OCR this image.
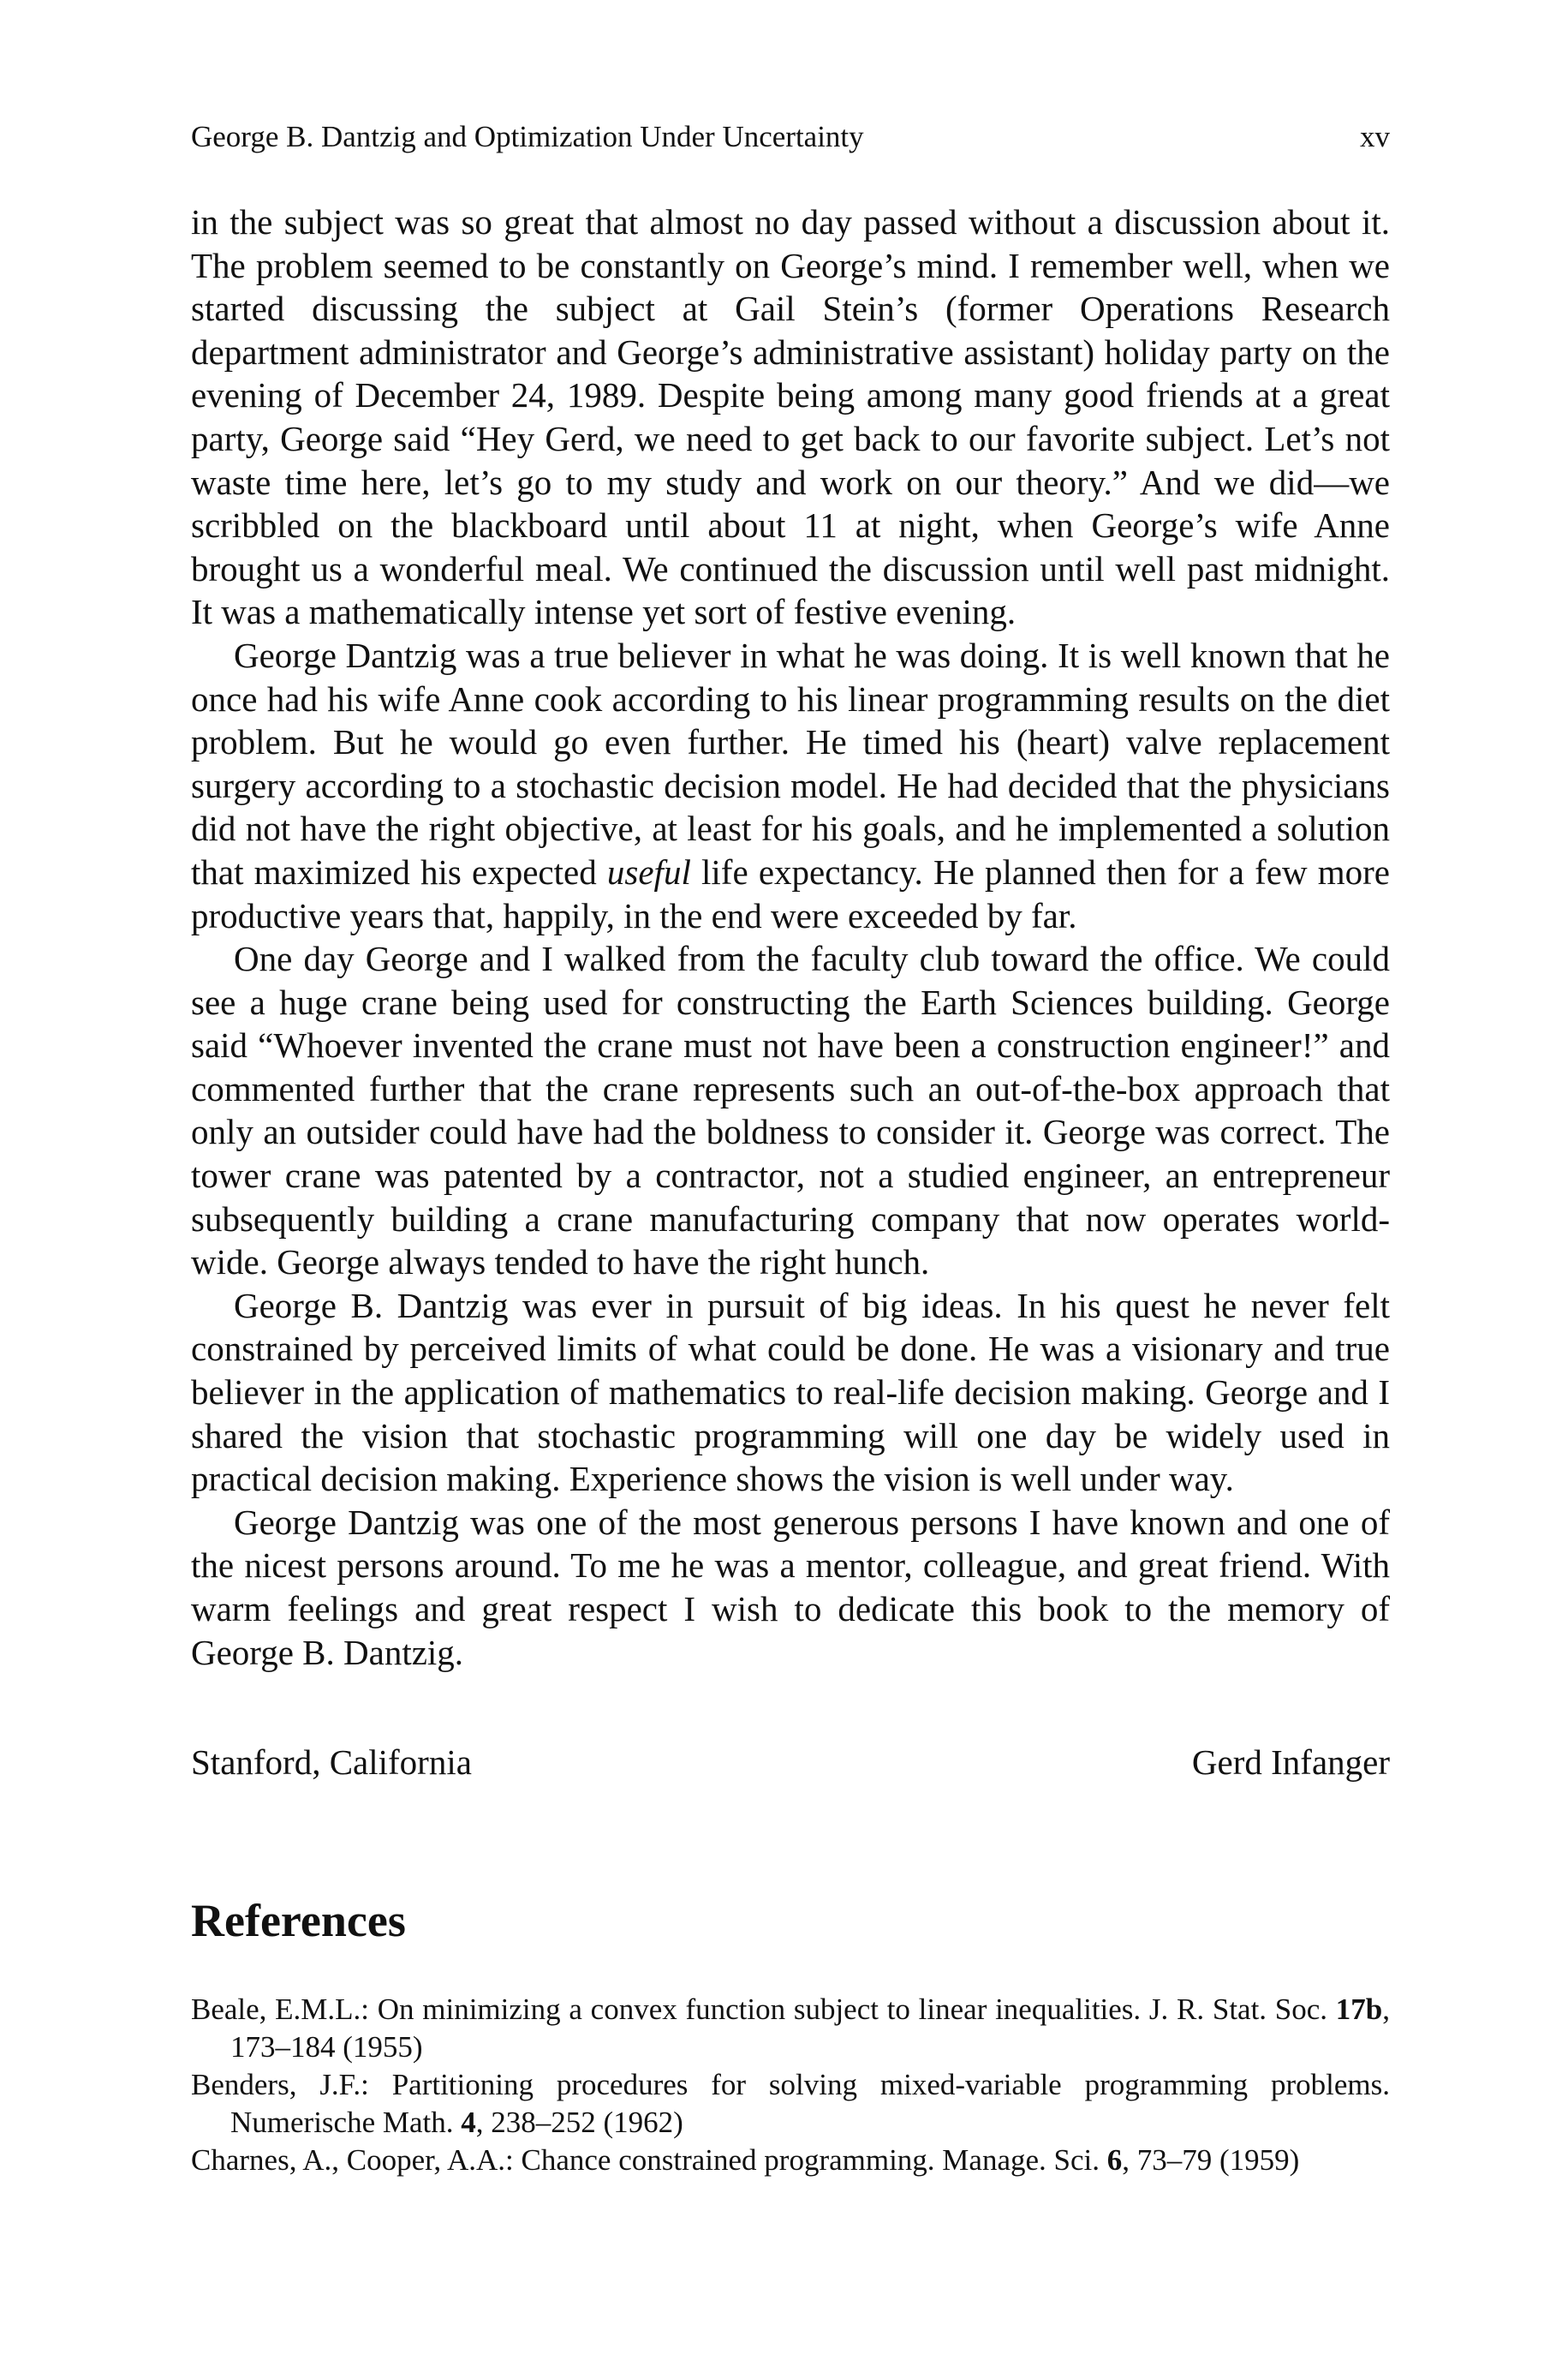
George B. Dantzig and Optimization Under Uncertainty	xv

in the subject was so great that almost no day passed without a discussion about it. The problem seemed to be constantly on George’s mind. I remember well, when we started discussing the subject at Gail Stein’s (former Operations Research department administrator and George’s administrative assistant) holiday party on the evening of December 24, 1989. Despite being among many good friends at a great party, George said “Hey Gerd, we need to get back to our favorite subject. Let’s not waste time here, let’s go to my study and work on our theory.” And we did—we scribbled on the blackboard until about 11 at night, when George’s wife Anne brought us a wonderful meal. We continued the discussion until well past midnight. It was a mathematically intense yet sort of festive evening.

George Dantzig was a true believer in what he was doing. It is well known that he once had his wife Anne cook according to his linear programming results on the diet problem. But he would go even further. He timed his (heart) valve replacement surgery according to a stochastic decision model. He had decided that the physicians did not have the right objective, at least for his goals, and he implemented a solution that maximized his expected useful life expectancy. He planned then for a few more productive years that, happily, in the end were exceeded by far.

One day George and I walked from the faculty club toward the office. We could see a huge crane being used for constructing the Earth Sciences building. George said “Whoever invented the crane must not have been a construction engineer!” and commented further that the crane represents such an out-of-the-box approach that only an outsider could have had the boldness to consider it. George was correct. The tower crane was patented by a contractor, not a studied engineer, an entrepreneur subsequently building a crane manufacturing company that now operates world-wide. George always tended to have the right hunch.

George B. Dantzig was ever in pursuit of big ideas. In his quest he never felt constrained by perceived limits of what could be done. He was a visionary and true believer in the application of mathematics to real-life decision making. George and I shared the vision that stochastic programming will one day be widely used in practical decision making. Experience shows the vision is well under way.

George Dantzig was one of the most generous persons I have known and one of the nicest persons around. To me he was a mentor, colleague, and great friend. With warm feelings and great respect I wish to dedicate this book to the memory of George B. Dantzig.

Stanford, California	Gerd Infanger
References
Beale, E.M.L.: On minimizing a convex function subject to linear inequalities. J. R. Stat. Soc. 17b, 173–184 (1955)
Benders, J.F.: Partitioning procedures for solving mixed-variable programming problems. Numerische Math. 4, 238–252 (1962)
Charnes, A., Cooper, A.A.: Chance constrained programming. Manage. Sci. 6, 73–79 (1959)
